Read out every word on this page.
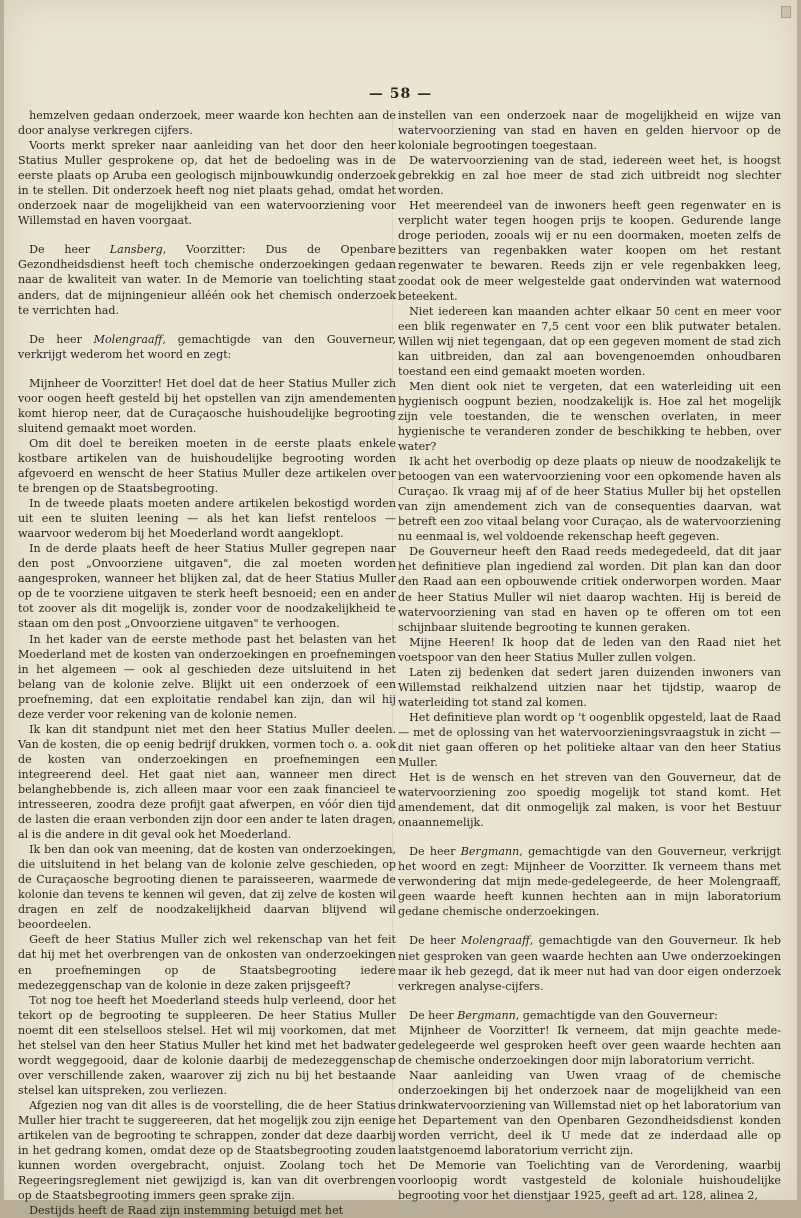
— 58 —

 hemzelven gedaan onderzoek, meer waarde kon hechten aan de door analyse verkregen cijfers.

 Voorts merkt spreker naar aanleiding van het door den heer Statius Muller gesprokene op, dat het de bedoeling was in de eerste plaats op Aruba een geologisch mijnbouwkundig onderzoek in te stellen. Dit onderzoek heeft nog niet plaats gehad, omdat het onderzoek naar de mogelijkheid van een watervoorziening voor Willemstad en haven voorgaat.

 De heer Lansberg, Voorzitter: Dus de Openbare Gezondheidsdienst heeft toch chemische onderzoekingen gedaan naar de kwaliteit van water. In de Memorie van toelichting staat anders, dat de mijningenieur alléén ook het chemisch onderzoek te verrichten had.

 De heer Molengraaff, gemachtigde van den Gouverneur, verkrijgt wederom het woord en zegt:

 Mijnheer de Voorzitter! Het doel dat de heer Statius Muller zich voor oogen heeft gesteld bij het opstellen van zijn amendementen komt hierop neer, dat de Curaçaosche huishoudelijke begrooting sluitend gemaakt moet worden.

 Om dit doel te bereiken moeten in de eerste plaats enkele kostbare artikelen van de huishoudelijke begrooting worden afgevoerd en wenscht de heer Statius Muller deze artikelen over te brengen op de Staatsbegrooting.

 In de tweede plaats moeten andere artikelen bekostigd worden uit een te sluiten leening — als het kan liefst renteloos — waarvoor wederom bij het Moederland wordt aangeklopt.

 In de derde plaats heeft de heer Statius Muller gegrepen naar den post „Onvoorziene uitgaven", die zal moeten worden aangesproken, wanneer het blijken zal, dat de heer Statius Muller op de te voorziene uitgaven te sterk heeft besnoeid; een en ander tot zoover als dit mogelijk is, zonder voor de noodzakelijkheid te staan om den post „Onvoorziene uitgaven" te verhoogen.

 In het kader van de eerste methode past het belasten van het Moederland met de kosten van onderzoekingen en proefnemingen in het algemeen — ook al geschieden deze uitsluitend in het belang van de kolonie zelve. Blijkt uit een onderzoek of een proefneming, dat een exploitatie rendabel kan zijn, dan wil hij deze verder voor rekening van de kolonie nemen.

 Ik kan dit standpunt niet met den heer Statius Muller deelen. Van de kosten, die op eenig bedrijf drukken, vormen toch o. a. ook de kosten van onderzoekingen en proefnemingen een integreerend deel. Het gaat niet aan, wanneer men direct belanghebbende is, zich alleen maar voor een zaak financieel te intresseeren, zoodra deze profijt gaat afwerpen, en vóór dien tijd de lasten die eraan verbonden zijn door een ander te laten dragen, al is die andere in dit geval ook het Moederland.

 Ik ben dan ook van meening, dat de kosten van onderzoekingen, die uitsluitend in het belang van de kolonie zelve geschieden, op de Curaçaosche begrooting dienen te paraisseeren, waarmede de kolonie dan tevens te kennen wil geven, dat zij zelve de kosten wil dragen en zelf de noodzakelijkheid daarvan blijvend wil beoordeelen.

 Geeft de heer Statius Muller zich wel rekenschap van het feit dat hij met het overbrengen van de onkosten van onderzoekingen en proefnemingen op de Staatsbegrooting iedere medezeggenschap van de kolonie in deze zaken prijsgeeft?

 Tot nog toe heeft het Moederland steeds hulp verleend, door het tekort op de begrooting te suppleeren. De heer Statius Muller noemt dit een stelselloos stelsel. Het wil mij voorkomen, dat met het stelsel van den heer Statius Muller het kind met het badwater wordt weggegooid, daar de kolonie daarbij de medezeggenschap over verschillende zaken, waarover zij zich nu bij het bestaande stelsel kan uitspreken, zou verliezen.

 Afgezien nog van dit alles is de voorstelling, die de heer Statius Muller hier tracht te suggereeren, dat het mogelijk zou zijn eenige artikelen van de begrooting te schrappen, zonder dat deze daarbij in het gedrang komen, omdat deze op de Staatsbegrooting zouden kunnen worden overgebracht, onjuist. Zoolang toch het Regeeringsreglement niet gewijzigd is, kan van dit overbrengen op de Staatsbegrooting immers geen sprake zijn.

 Destijds heeft de Raad zijn instemming betuigd met het

instellen van een onderzoek naar de mogelijkheid en wijze van watervoorziening van stad en haven en gelden hiervoor op de koloniale begrootingen toegestaan.

 De watervoorziening van de stad, iedereen weet het, is hoogst gebrekkig en zal hoe meer de stad zich uitbreidt nog slechter worden.

 Het meerendeel van de inwoners heeft geen regenwater en is verplicht water tegen hoogen prijs te koopen. Gedurende lange droge perioden, zooals wij er nu een doormaken, moeten zelfs de bezitters van regenbakken water koopen om het restant regenwater te bewaren. Reeds zijn er vele regenbakken leeg, zoodat ook de meer welgestelde gaat ondervinden wat waternood beteekent.

 Niet iedereen kan maanden achter elkaar 50 cent en meer voor een blik regenwater en 7,5 cent voor een blik putwater betalen. Willen wij niet tegengaan, dat op een gegeven moment de stad zich kan uitbreiden, dan zal aan bovengenoemden onhoudbaren toestand een eind gemaakt moeten worden.

 Men dient ook niet te vergeten, dat een waterleiding uit een hygienisch oogpunt bezien, noodzakelijk is. Hoe zal het mogelijk zijn vele toestanden, die te wenschen overlaten, in meer hygienische te veranderen zonder de beschikking te hebben, over water?

 Ik acht het overbodig op deze plaats op nieuw de noodzakelijk te betoogen van een watervoorziening voor een opkomende haven als Curaçao. Ik vraag mij af of de heer Statius Muller bij het opstellen van zijn amendement zich van de consequenties daarvan, wat betreft een zoo vitaal belang voor Curaçao, als de watervoorziening nu eenmaal is, wel voldoende rekenschap heeft gegeven.

 De Gouverneur heeft den Raad reeds medegedeeld, dat dit jaar het definitieve plan ingediend zal worden. Dit plan kan dan door den Raad aan een opbouwende critiek onderworpen worden. Maar de heer Statius Muller wil niet daarop wachten. Hij is bereid de watervoorziening van stad en haven op te offeren om tot een schijnbaar sluitende begrooting te kunnen geraken.

 Mijne Heeren! Ik hoop dat de leden van den Raad niet het voetspoor van den heer Statius Muller zullen volgen.

 Laten zij bedenken dat sedert jaren duizenden inwoners van Willemstad reikhalzend uitzien naar het tijdstip, waarop de waterleiding tot stand zal komen.

 Het definitieve plan wordt op 't oogenblik opgesteld, laat de Raad — met de oplossing van het watervoorzieningsvraagstuk in zicht — dit niet gaan offeren op het politieke altaar van den heer Statius Muller.

 Het is de wensch en het streven van den Gouverneur, dat de watervoorziening zoo spoedig mogelijk tot stand komt. Het amendement, dat dit onmogelijk zal maken, is voor het Bestuur onaannemelijk.

 De heer Bergmann, gemachtigde van den Gouverneur, verkrijgt het woord en zegt: Mijnheer de Voorzitter. Ik verneem thans met verwondering dat mijn mede-gedelegeerde, de heer Molengraaff, geen waarde heeft kunnen hechten aan in mijn laboratorium gedane chemische onderzoekingen.

 De heer Molengraaff, gemachtigde van den Gouverneur. Ik heb niet gesproken van geen waarde hechten aan Uwe onderzoekingen maar ik heb gezegd, dat ik meer nut had van door eigen onderzoek verkregen analyse-cijfers.

 De heer Bergmann, gemachtigde van den Gouverneur:

 Mijnheer de Voorzitter! Ik verneem, dat mijn geachte mede-gedelegeerde wel gesproken heeft over geen waarde hechten aan de chemische onderzoekingen door mijn laboratorium verricht.

 Naar aanleiding van Uwen vraag of de chemische onderzoekingen bij het onderzoek naar de mogelijkheid van een drinkwatervoorziening van Willemstad niet op het laboratorium van het Departement van den Openbaren Gezondheidsdienst konden worden verricht, deel ik U mede dat ze inderdaad alle op laatstgenoemd laboratorium verricht zijn.

 De Memorie van Toelichting van de Verordening, waarbij voorloopig wordt vastgesteld de koloniale huishoudelijke begrooting voor het dienstjaar 1925, geeft ad art. 128, alinea 2,
